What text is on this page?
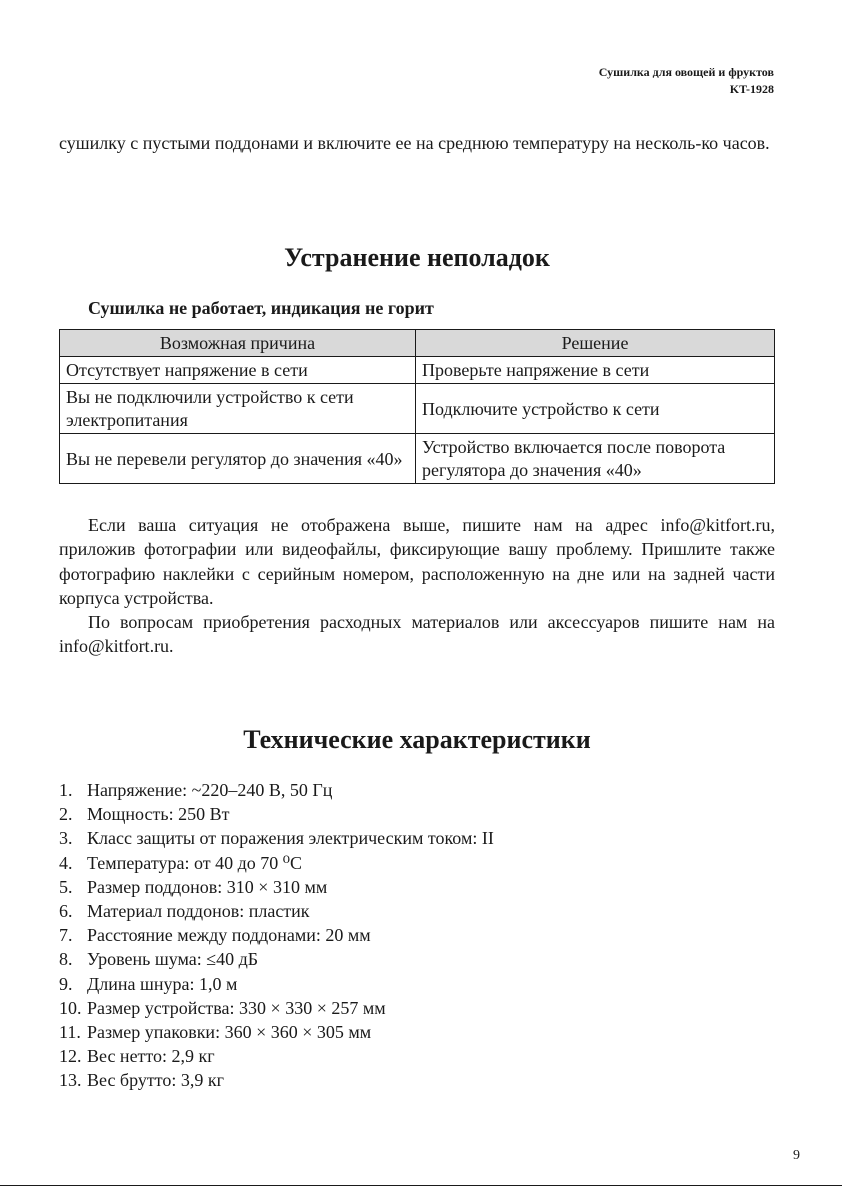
Сушилка для овощей и фруктов
KT-1928

сушилку с пустыми поддонами и включите ее на среднюю температуру на несколь-ко часов.

Устранение неполадок

Сушилка не работает, индикация не горит

Возможная причина	Решение
Отсутствует напряжение в сети	Проверьте напряжение в сети
Вы не подключили устройство к сети электропитания	Подключите устройство к сети
Вы не перевели регулятор до значения «40»	Устройство включается после поворота регулятора до значения «40»

Если ваша ситуация не отображена выше, пишите нам на адрес info@kitfort.ru, приложив фотографии или видеофайлы, фиксирующие вашу проблему. Пришлите также фотографию наклейки с серийным номером, расположенную на дне или на задней части корпуса устройства.

По вопросам приобретения расходных материалов или аксессуаров пишите нам на info@kitfort.ru.

Технические характеристики
1. Напряжение: ~220–240 В, 50 Гц
2. Мощность: 250 Вт
3. Класс защиты от поражения электрическим током: II
4. Температура: от 40 до 70 ⁰С
5. Размер поддонов: 310 × 310 мм
6. Материал поддонов: пластик
7. Расстояние между поддонами: 20 мм
8. Уровень шума: ≤40 дБ
9. Длина шнура: 1,0 м
10. Размер устройства: 330 × 330 × 257 мм
11. Размер упаковки: 360 × 360 × 305 мм
12. Вес нетто: 2,9 кг
13. Вес брутто: 3,9 кг
9
